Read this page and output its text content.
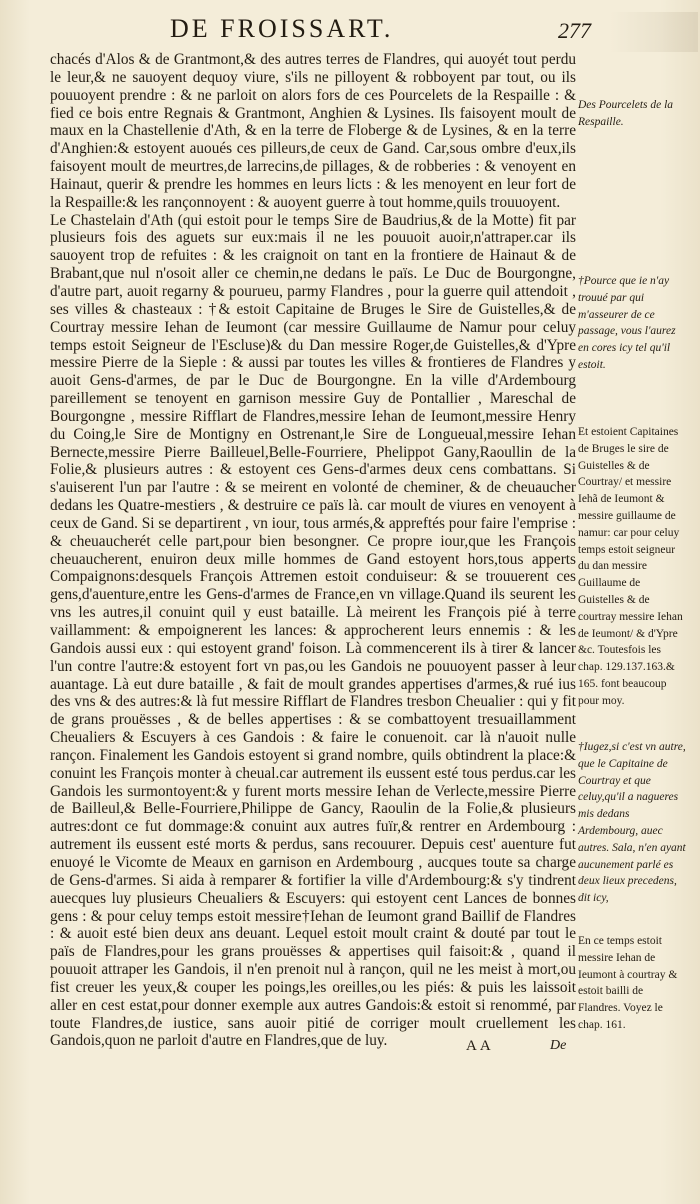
DE FROISSART.	277

chacés d'Alos & de Grantmont,& des autres terres de Flandres, qui auoyét tout perdu le leur,& ne sauoyent dequoy viure, s'ils ne pilloyent & robboyent par tout, ou ils pouuoyent prendre : & ne parloit on alors fors de ces Pourcelets de la Respaille : & fied ce bois entre Regnais & Grantmont, Anghien & Lysines. Ils faisoyent moult de maux en la Chastellenie d'Ath, & en la terre de Floberge & de Lysines, & en la terre d'Anghien:& estoyent auoués ces pilleurs,de ceux de Gand. Car,sous ombre d'eux,ils faisoyent moult de meurtres,de larrecins,de pillages, & de robberies : & venoyent en Hainaut, querir & prendre les hommes en leurs licts : & les menoyent en leur fort de la Respaille:& les rançonnoyent : & auoyent guerre à tout homme,quils trouuoyent.

Le Chastelain d'Ath (qui estoit pour le temps Sire de Baudrius,& de la Motte) fit par plusieurs fois des aguets sur eux:mais il ne les pouuoit auoir,n'attraper.car ils sauoyent trop de refuites : & les craignoit on tant en la frontiere de Hainaut & de Brabant,que nul n'osoit aller ce chemin,ne dedans le païs. Le Duc de Bourgongne, d'autre part, auoit regarny & pourueu, parmy Flandres , pour la guerre quil attendoit , ses villes & chasteaux : †& estoit Capitaine de Bruges le Sire de Guistelles,& de Courtray messire Iehan de Ieumont (car messire Guillaume de Namur pour celuy temps estoit Seigneur de l'Escluse)& du Dan messire Roger,de Guistelles,& d'Ypre messire Pierre de la Sieple : & aussi par toutes les villes & frontieres de Flandres y auoit Gens-d'armes, de par le Duc de Bourgongne. En la ville d'Ardembourg pareillement se tenoyent en garnison messire Guy de Pontallier , Mareschal de Bourgongne , messire Rifflart de Flandres,messire Iehan de Ieumont,messire Henry du Coing,le Sire de Montigny en Ostrenant,le Sire de Longueual,messire Iehan Bernecte,messire Pierre Bailleuel,Belle-Fourriere, Phelippot Gany,Raoullin de la Folie,& plusieurs autres : & estoyent ces Gens-d'armes deux cens combattans. Si s'auiserent l'un par l'autre : & se meirent en volonté de cheminer, & de cheuaucher dedans les Quatre-mestiers , & destruire ce païs là. car moult de viures en venoyent à ceux de Gand. Si se departirent , vn iour, tous armés,& appreftés pour faire l'emprise : & cheuaucherét celle part,pour bien besongner. Ce propre iour,que les François cheuaucherent, enuiron deux mille hommes de Gand estoyent hors,tous apperts Compaignons:desquels François Attremen estoit conduiseur: & se trouuerent ces gens,d'auenture,entre les Gens-d'armes de France,en vn village.Quand ils seurent les vns les autres,il conuint quil y eust bataille. Là meirent les François pié à terre vaillamment: & empoignerent les lances: & approcherent leurs ennemis : & les Gandois aussi eux : qui estoyent grand' foison. Là commencerent ils à tirer & lancer l'un contre l'autre:& estoyent fort vn pas,ou les Gandois ne pouuoyent passer à leur auantage. Là eut dure bataille , & fait de moult grandes appertises d'armes,& rué ius des vns & des autres:& là fut messire Rifflart de Flandres tresbon Cheualier : qui y fit de grans prouësses , & de belles appertises : & se combattoyent tresuaillamment Cheualiers & Escuyers à ces Gandois : & faire le conuenoit. car là n'auoit nulle rançon. Finalement les Gandois estoyent si grand nombre, quils obtindrent la place:& conuint les François monter à cheual.car autrement ils eussent esté tous perdus.car les Gandois les surmontoyent:& y furent morts messire Iehan de Verlecte,messire Pierre de Bailleul,& Belle-Fourriere,Philippe de Gancy, Raoulin de la Folie,& plusieurs autres:dont ce fut dommage:& conuint aux autres fuïr,& rentrer en Ardembourg : autrement ils eussent esté morts & perdus, sans recouurer. Depuis cest' auenture fut enuoyé le Vicomte de Meaux en garnison en Ardembourg , aucques toute sa charge de Gens-d'armes. Si aida à remparer & fortifier la ville d'Ardembourg:& s'y tindrent auecques luy plusieurs Cheualiers & Escuyers: qui estoyent cent Lances de bonnes gens : & pour celuy temps estoit messire†Iehan de Ieumont grand Baillif de Flandres : & auoit esté bien deux ans deuant. Lequel estoit moult craint & douté par tout le païs de Flandres,pour les grans prouësses & appertises quil faisoit:& , quand il pouuoit attraper les Gandois, il n'en prenoit nul à rançon, quil ne les meist à mort,ou fist creuer les yeux,& couper les poings,les oreilles,ou les piés: & puis les laissoit aller en cest estat,pour donner exemple aux autres Gandois:& estoit si renommé, par toute Flandres,de iusticе, sans auoir pitié de corriger moult cruellement les Gandois,quon ne parloit d'autre en Flandres,que de luy.

Des Pourcelets de la Respaille.
†Pource que ie n'ay trouué par qui m'asseurer de ce passage, vous l'aurez en cores icy tel qu'il estoit.
Et estoient Capitaines de Bruges le sire de Guistelles & de Courtray/ et messire Iehã de Ieumont & messire guillaume de namur: car pour celuy temps estoit seigneur du dan messire Guillaume de Guistelles & de courtray messire Iehan de Ieumont/ & d'Ypre &c. Toutesfois les chap. 129.137.163.& 165. font beaucoup pour moy.
†Iugez,si c'est vn autre, que le Capitaine de Courtray et que celuy,qu'il a nagueres mis dedans Ardembourg, auec autres. Sala, n'en ayant aucunement parlé es deux lieux precedens, dit icy,
En ce temps estoit messire Iehan de Ieumont à courtray & estoit bailli de Flandres. Voyez le chap. 161.
AA	De
